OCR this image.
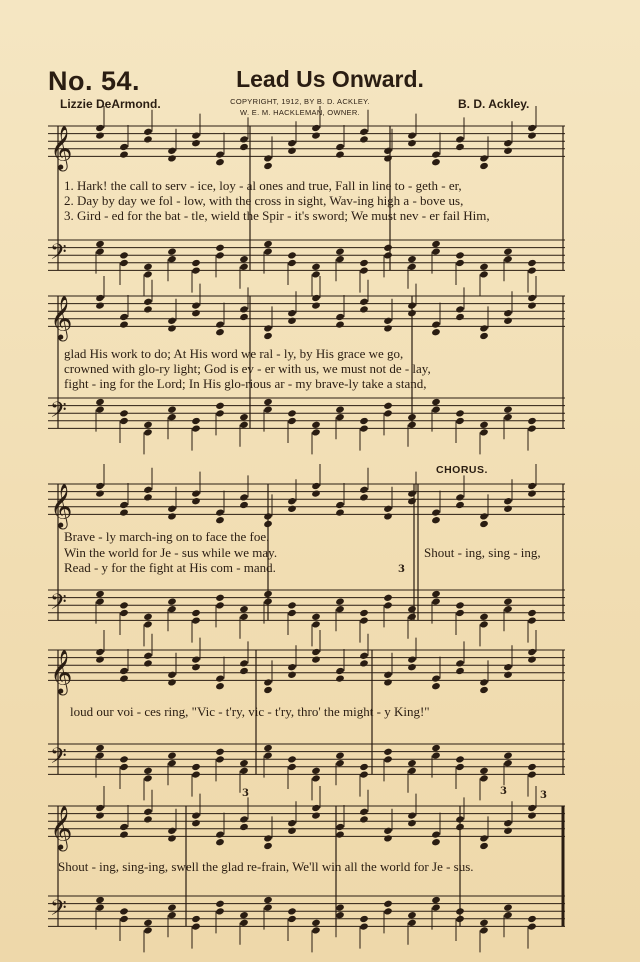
No. 54.	Lead Us Onward.
Lizzie DeArmond.	COPYRIGHT, 1912, BY B. D. ACKLEY.
W. E. M. HACKLEMAN, OWNER.
B. D. Ackley.
3
3	3	3
𝄞
𝄢
𝄞
𝄢
𝄞
𝄢
𝄞
𝄢
𝄞
𝄢
1. Hark! the call to serv - ice, loy - al ones and true, Fall in line to - geth - er,
2. Day by day we fol - low, with the cross in sight, Wav-ing high a - bove us,
3. Gird - ed for the bat - tle, wield the Spir - it's sword; We must nev - er fail Him,
glad His work to do; At His word we ral - ly, by His grace we go,
crowned with glo-ry light; God is ev - er with us, we must not de - lay,
fight - ing for the Lord; In His glo-rious ar - my brave-ly take a stand,
CHORUS.
Brave - ly march-ing on to face the foe.
Win the world for Je - sus while we may.
Read - y for the fight at His com - mand.
Shout - ing, sing - ing,
loud our voi - ces ring, "Vic - t'ry, vic - t'ry, thro' the might - y King!"
Shout - ing, sing-ing, swell the glad re-frain, We'll win all the world for Je - sus.
